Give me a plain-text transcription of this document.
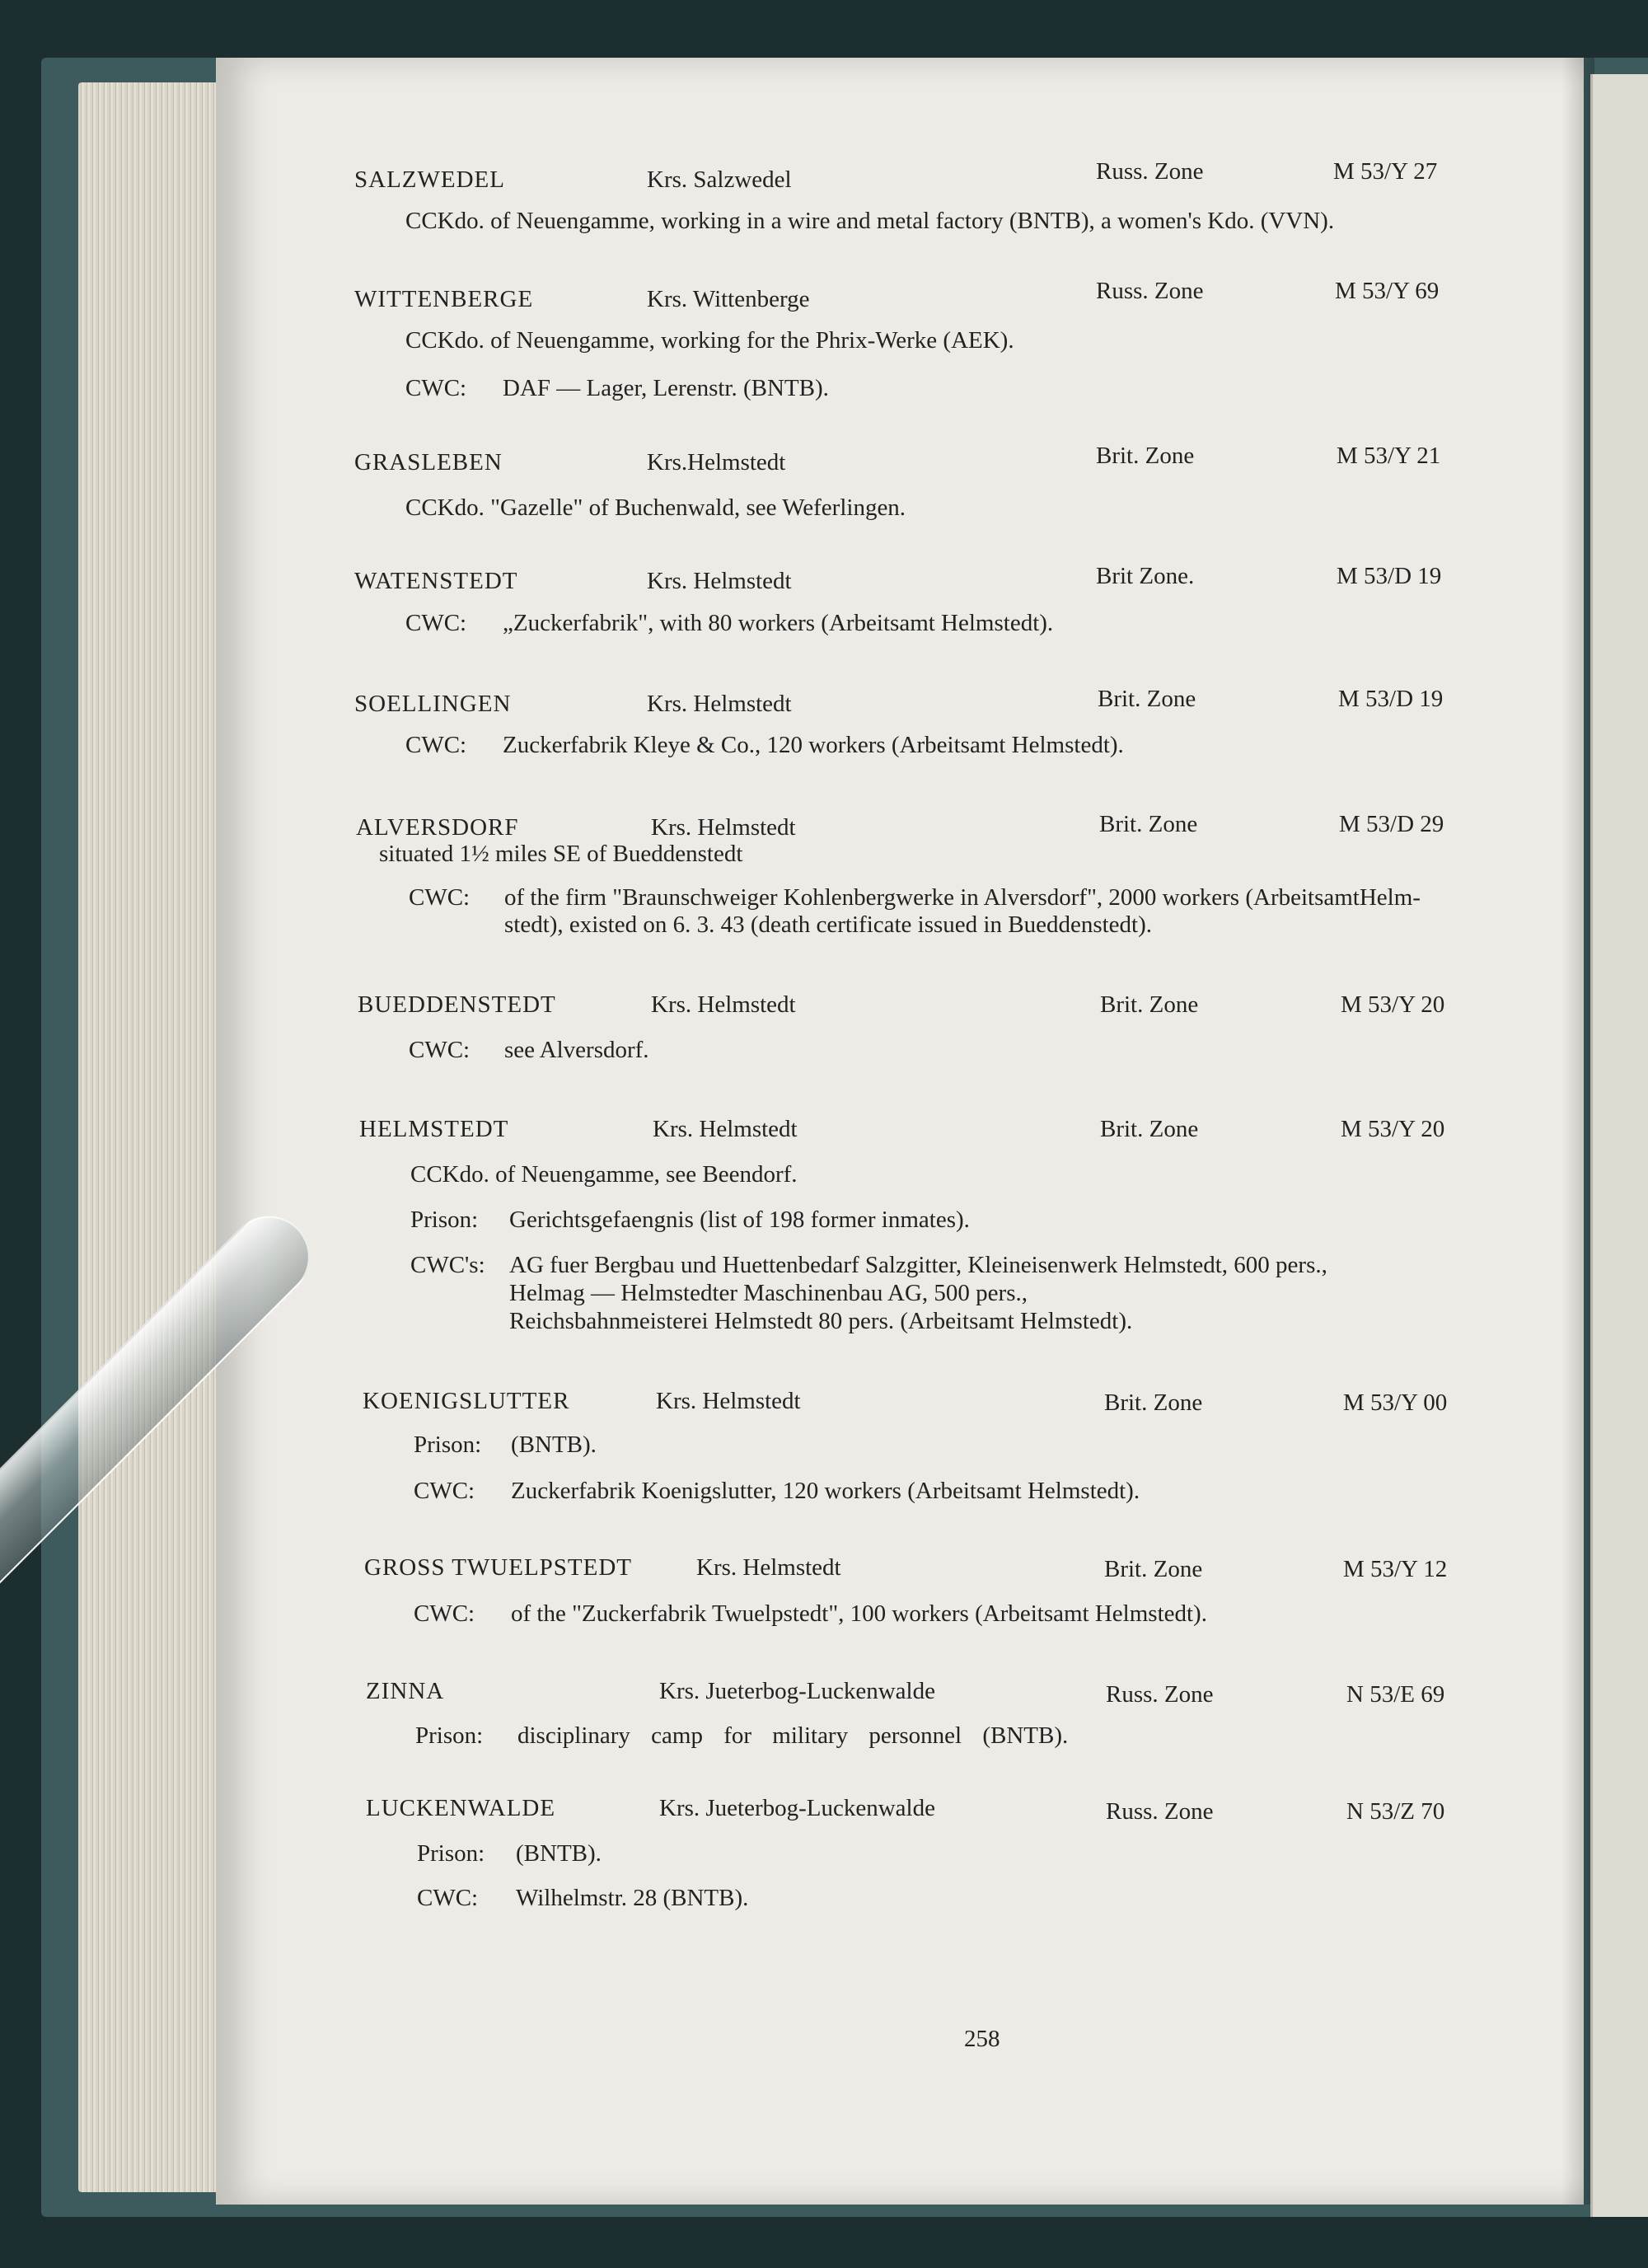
SALZWEDEL	Krs. Salzwedel	Russ. Zone	M 53/Y 27
CCKdo. of Neuengamme, working in a wire and metal factory (BNTB), a women's Kdo. (VVN).
WITTENBERGE	Krs. Wittenberge	Russ. Zone	M 53/Y 69
CCKdo. of Neuengamme, working for the Phrix-Werke (AEK).
CWC: DAF — Lager, Lerenstr. (BNTB).
GRASLEBEN	Krs.Helmstedt	Brit. Zone	M 53/Y 21
CCKdo. "Gazelle" of Buchenwald, see Weferlingen.
WATENSTEDT	Krs. Helmstedt	Brit Zone.	M 53/D 19
CWC: „Zuckerfabrik", with 80 workers (Arbeitsamt Helmstedt).
SOELLINGEN	Krs. Helmstedt	Brit. Zone	M 53/D 19
CWC: Zuckerfabrik Kleye & Co., 120 workers (Arbeitsamt Helmstedt).
ALVERSDORF	Krs. Helmstedt	Brit. Zone	M 53/D 29
situated 1½ miles SE of Bueddenstedt
CWC: of the firm "Braunschweiger Kohlenbergwerke in Alversdorf", 2000 workers (ArbeitsamtHelm-
stedt), existed on 6. 3. 43 (death certificate issued in Bueddenstedt).
BUEDDENSTEDT	Krs. Helmstedt	Brit. Zone	M 53/Y 20
CWC: see Alversdorf.
HELMSTEDT	Krs. Helmstedt	Brit. Zone	M 53/Y 20
CCKdo. of Neuengamme, see Beendorf.
Prison: Gerichtsgefaengnis (list of 198 former inmates).
CWC's: AG fuer Bergbau und Huettenbedarf Salzgitter, Kleineisenwerk Helmstedt, 600 pers.,
Helmag — Helmstedter Maschinenbau AG, 500 pers.,
Reichsbahnmeisterei Helmstedt 80 pers. (Arbeitsamt Helmstedt).
KOENIGSLUTTER	Krs. Helmstedt	Brit. Zone	M 53/Y 00
Prison: (BNTB).
CWC: Zuckerfabrik Koenigslutter, 120 workers (Arbeitsamt Helmstedt).
GROSS TWUELPSTEDT	Krs. Helmstedt	Brit. Zone	M 53/Y 12
CWC: of the "Zuckerfabrik Twuelpstedt", 100 workers (Arbeitsamt Helmstedt).
ZINNA	Krs. Jueterbog-Luckenwalde	Russ. Zone	N 53/E 69
Prison: disciplinary camp for military personnel (BNTB).
LUCKENWALDE	Krs. Jueterbog-Luckenwalde	Russ. Zone	N 53/Z 70
Prison: (BNTB).
CWC: Wilhelmstr. 28 (BNTB).
258
